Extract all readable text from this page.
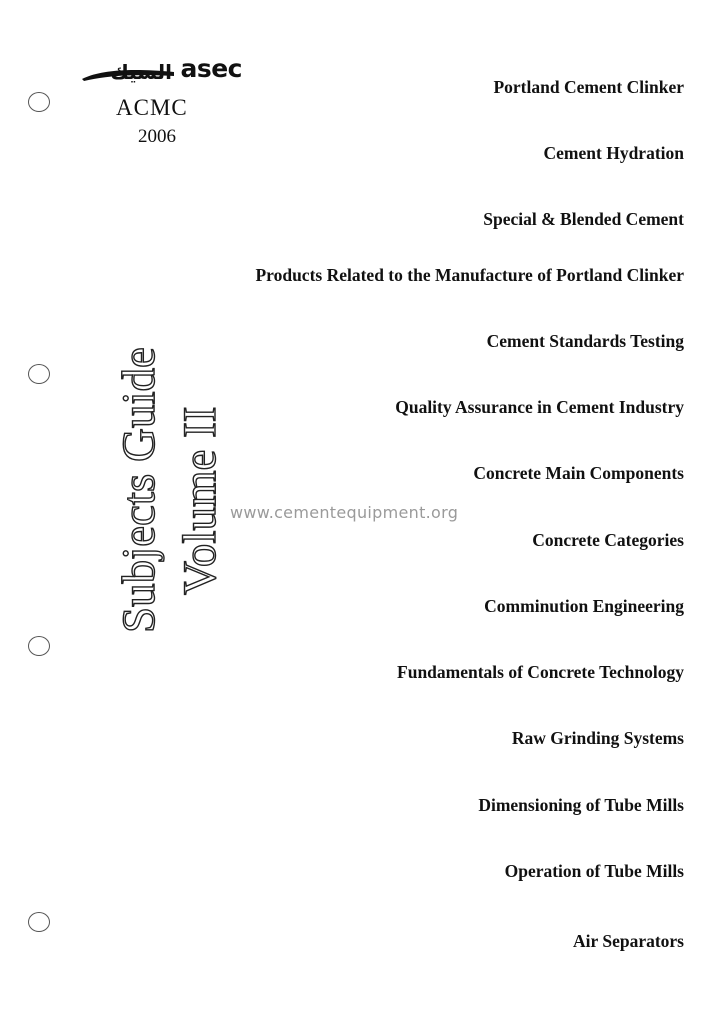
السيك asec
ACMC
2006
Subjects Guide Volume II www.cementequipment.org
Portland Cement Clinker
Cement Hydration
Special & Blended Cement
Products Related to the Manufacture of Portland Clinker
Cement Standards Testing
Quality Assurance in Cement Industry
Concrete Main Components
Concrete Categories
Comminution Engineering
Fundamentals of Concrete Technology
Raw Grinding Systems
Dimensioning of Tube Mills
Operation of Tube Mills
Air Separators
